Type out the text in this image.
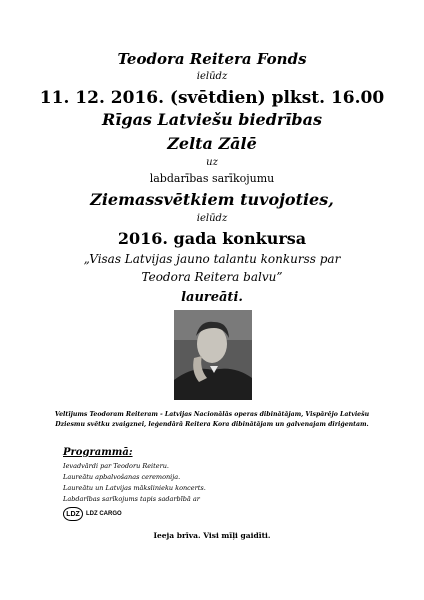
Teodora Reitera Fonds
ielūdz
11. 12. 2016. (svētdien) plkst. 16.00
Rīgas Latviešu biedrības
Zelta Zālē
uz
labdarības sarīkojumu
Ziemassvētkiem tuvojoties,
ielūdz
2016. gada konkursa
„Visas Latvijas jauno talantu konkurss par
Teodora Reitera balvu”
laureāti.
Veltījums Teodoram Reiteram - Latvijas Nacionālās operas dibinātājam, Vispārējo Latviešu
Dziesmu svētku zvaigznei, leģendārā Reitera Kora dibinātājam un galvenajam diriģentam.
Programmā:
Ievadvārdi par Teodoru Reiteru.
Laureātu apbalvošanas ceremonija.
Laureātu un Latvijas mākslinieku koncerts.
Labdarības sarīkojums tapis sadarbībā ar
LDZ	LDZ CARGO
Ieeja brīva. Visi mīļi gaidīti.
